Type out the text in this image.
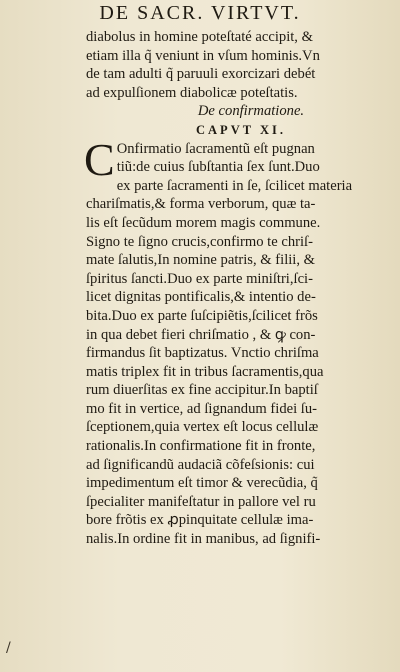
DE SACR. VIRTVT.
diabolus in homine poteſtaté accipit, &
etiam illa q̃ veniunt in vſum hominis.Vn
de tam adulti q̃ paruuli exorcizari debét
ad expulſionem diabolicæ poteſtatis.
De confirmatione.
CAPVT XI.
C Onfirmatio ſacramentũ eſt pugnan
tiũ:de cuius ſubſtantia ſex ſunt.Duo
ex parte ſacramenti in ſe, ſcilicet materia
chariſmatis,& forma verborum, quæ ta-
lis eſt ſecũdum morem magis commune.
Signo te ſigno crucis,confirmo te chriſ-
mate ſalutis,In nomine patris, & filii, &
ſpiritus ſancti.Duo ex parte miniſtri,ſci-
licet dignitas pontificalis,& intentio de-
bita.Duo ex parte ſuſcipiẽtis,ſcilicet frõs
in qua debet fieri chriſmatio , & ꝙ con-
firmandus ſit baptizatus. Vnctio chriſma
matis triplex fit in tribus ſacramentis,qua
rum diuerſitas ex fine accipitur.In baptiſ
mo fit in vertice, ad ſignandum fidei ſu-
ſceptionem,quia vertex eſt locus cellulæ
rationalis.In confirmatione fit in fronte,
ad ſignificandũ audaciã cõfeſsionis: cui
impedimentum eſt timor & verecũdia, q̃
ſpecialiter manifeſtatur in pallore vel ru
bore frõtis ex ꝓpinquitate cellulæ ima-
nalis.In ordine fit in manibus, ad ſignifi-
/
